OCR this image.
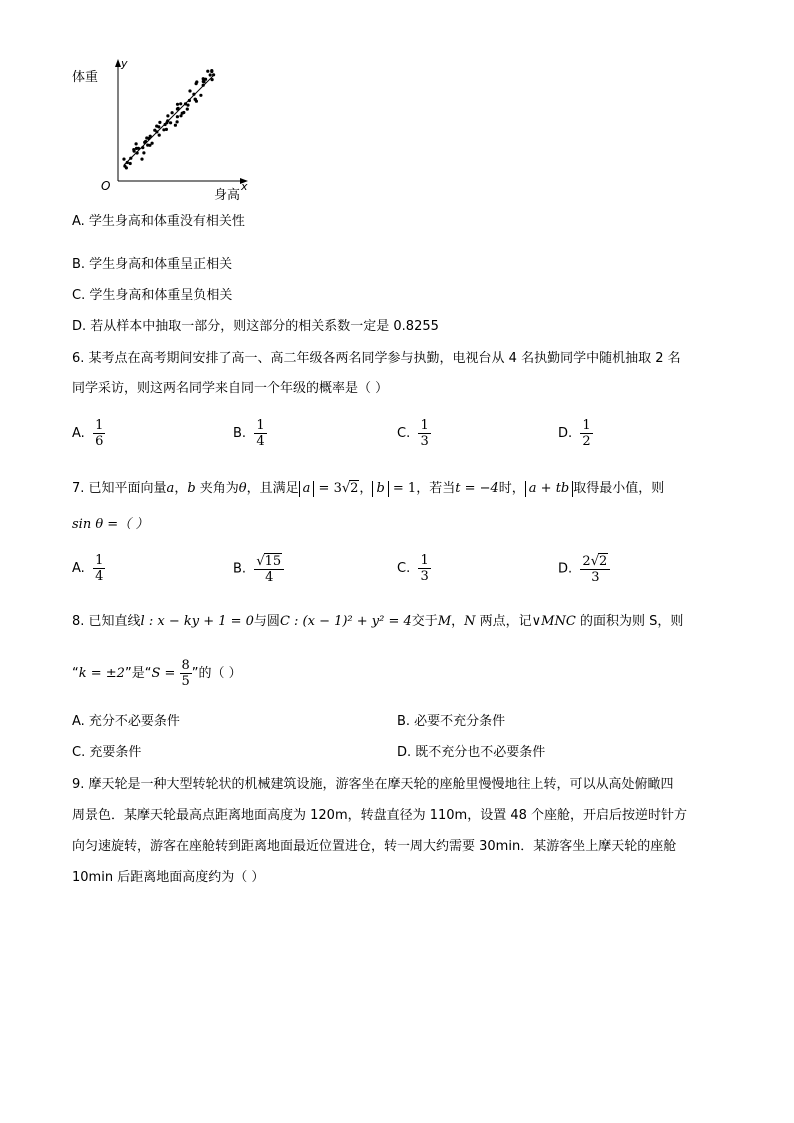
体重
y
O
身高
x
A. 学生身高和体重没有相关性
B. 学生身高和体重呈正相关
C. 学生身高和体重呈负相关
D. 若从样本中抽取一部分，则这部分的相关系数一定是 0.8255
6. 某考点在高考期间安排了高一、高二年级各两名同学参与执勤，电视台从 4 名执勤同学中随机抽取 2 名
同学采访，则这两名同学来自同一个年级的概率是（ ）
A. $\frac{1}{6}$	B. $\frac{1}{4}$	C. $\frac{1}{3}$	D. $\frac{1}{2}$
7. 已知平面向量a，b 夹角为θ，且满足 a = 3√2， b = 1，若当t = −4时， a + tb 取得最小值，则
sin θ =（ ）
A. $\frac{1}{4}$	B. $\frac{√15}{4}$	C. $\frac{1}{3}$	D. $\frac{2√2}{3}$
8. 已知直线l : x − ky + 1 = 0与圆C : (x − 1)² + y² = 4交于M，N 两点，记∨MNC 的面积为则 S，则
“k = ±2”是“$S = \frac{8}{5}$ ”的（ ）
A. 充分不必要条件	B. 必要不充分条件
C. 充要条件	D. 既不充分也不必要条件
9. 摩天轮是一种大型转轮状的机械建筑设施，游客坐在摩天轮的座舱里慢慢地往上转，可以从高处俯瞰四
周景色．某摩天轮最高点距离地面高度为 120m，转盘直径为 110m，设置 48 个座舱，开启后按逆时针方
向匀速旋转，游客在座舱转到距离地面最近位置进仓，转一周大约需要 30min．某游客坐上摩天轮的座舱
10min 后距离地面高度约为（ ）
